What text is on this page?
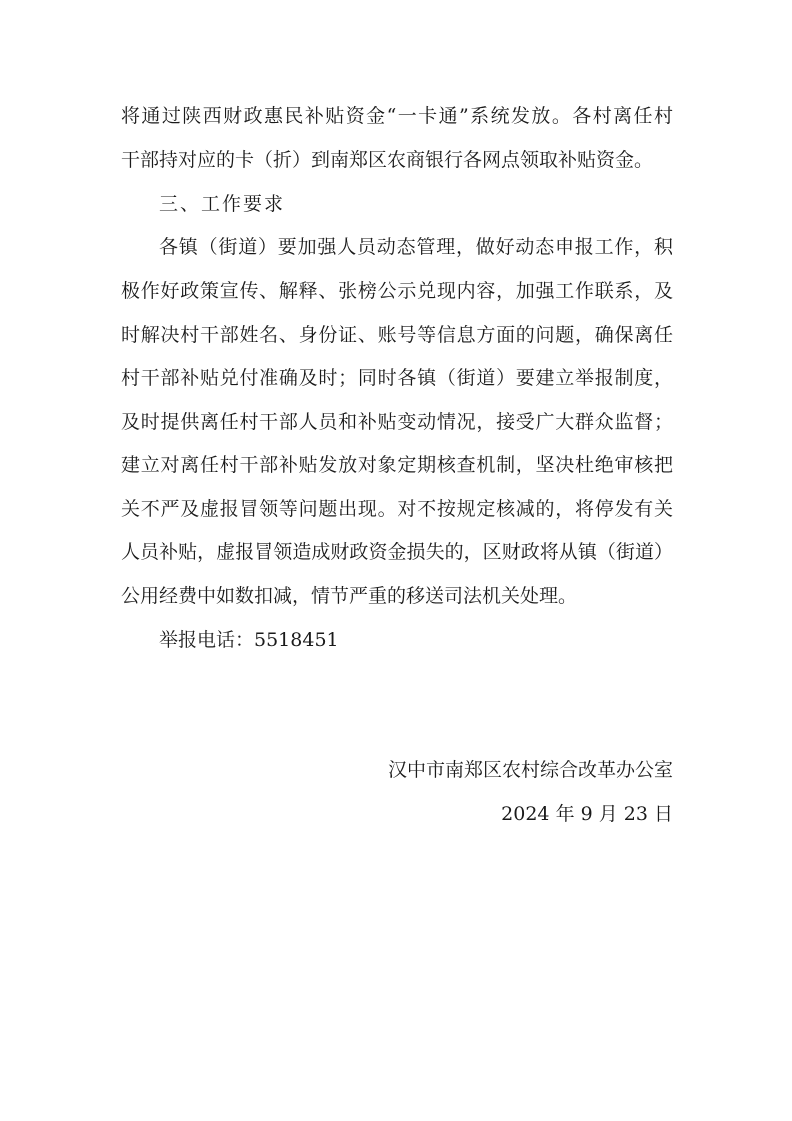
将通过陕西财政惠民补贴资金“一卡通”系统发放。各村离任村
干部持对应的卡（折）到南郑区农商银行各网点领取补贴资金。
三、工作要求
各镇（街道）要加强人员动态管理，做好动态申报工作，积
极作好政策宣传、解释、张榜公示兑现内容，加强工作联系，及
时解决村干部姓名、身份证、账号等信息方面的问题，确保离任
村干部补贴兑付准确及时；同时各镇（街道）要建立举报制度，
及时提供离任村干部人员和补贴变动情况，接受广大群众监督；
建立对离任村干部补贴发放对象定期核查机制，坚决杜绝审核把
关不严及虚报冒领等问题出现。对不按规定核减的，将停发有关
人员补贴，虚报冒领造成财政资金损失的，区财政将从镇（街道）
公用经费中如数扣减，情节严重的移送司法机关处理。
举报电话：5518451
汉中市南郑区农村综合改革办公室
2024 年 9 月 23 日
